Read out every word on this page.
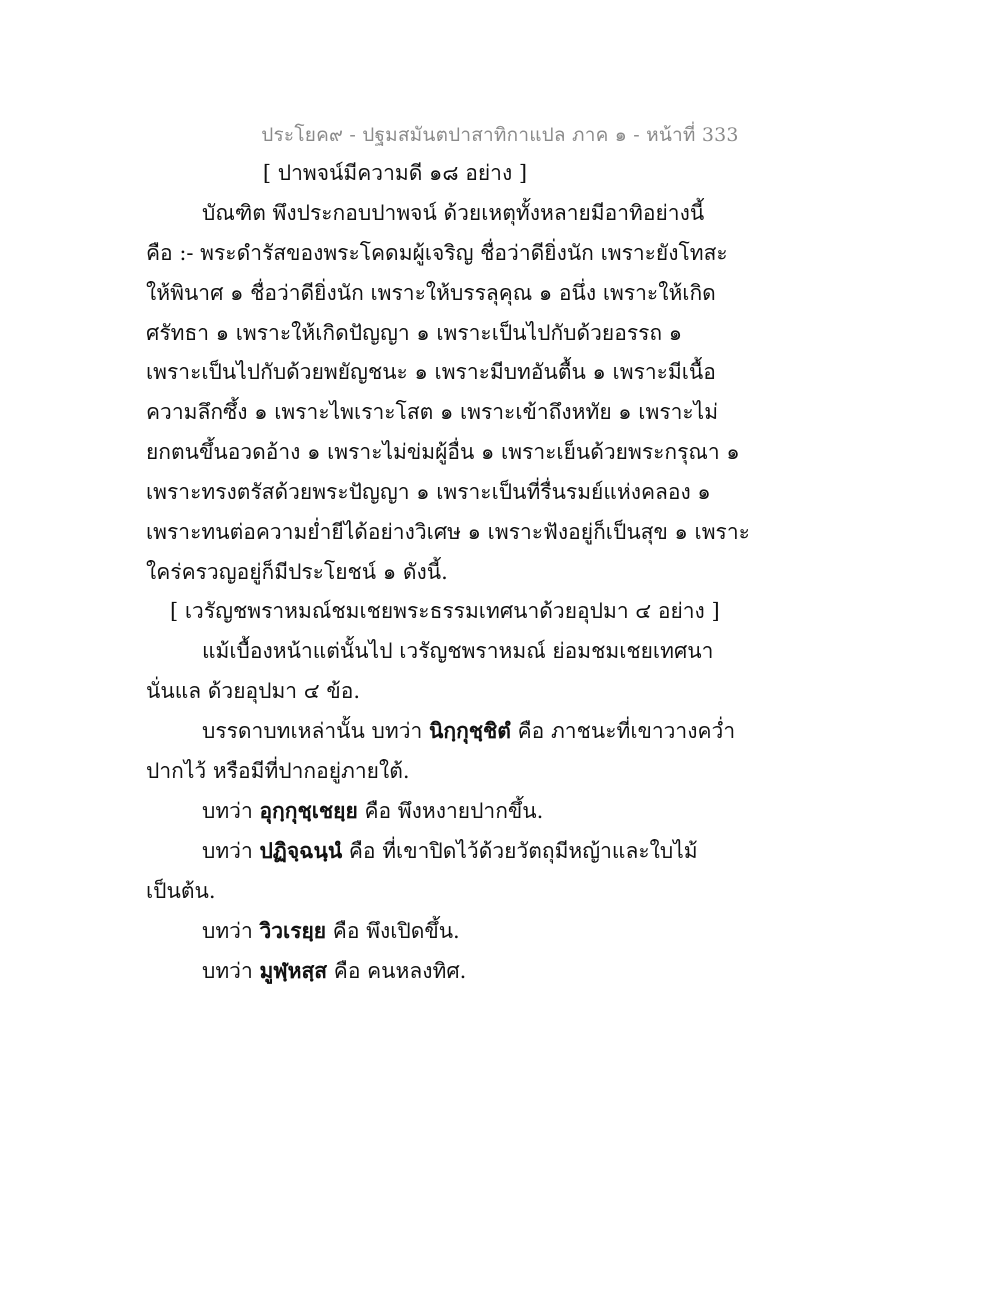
ประโยค๙ - ปฐมสมันตปาสาทิกาแปล ภาค ๑ - หน้าที่ 333
[ ปาพจน์มีความดี ๑๘ อย่าง ]
บัณฑิต พึงประกอบปาพจน์ ด้วยเหตุทั้งหลายมีอาทิอย่างนี้
คือ :- พระดำรัสของพระโคดมผู้เจริญ ชื่อว่าดียิ่งนัก เพราะยังโทสะ
ให้พินาศ ๑ ชื่อว่าดียิ่งนัก เพราะให้บรรลุคุณ ๑ อนึ่ง เพราะให้เกิด
ศรัทธา ๑ เพราะให้เกิดปัญญา ๑ เพราะเป็นไปกับด้วยอรรถ ๑
เพราะเป็นไปกับด้วยพยัญชนะ ๑ เพราะมีบทอันตื้น ๑ เพราะมีเนื้อ
ความลึกซึ้ง ๑ เพราะไพเราะโสต ๑ เพราะเข้าถึงหทัย ๑ เพราะไม่
ยกตนขึ้นอวดอ้าง ๑ เพราะไม่ข่มผู้อื่น ๑ เพราะเย็นด้วยพระกรุณา ๑
เพราะทรงตรัสด้วยพระปัญญา ๑ เพราะเป็นที่รื่นรมย์แห่งคลอง ๑
เพราะทนต่อความย่ำยีได้อย่างวิเศษ ๑ เพราะฟังอยู่ก็เป็นสุข ๑ เพราะ
ใคร่ครวญอยู่ก็มีประโยชน์ ๑ ดังนี้.
[ เวรัญชพราหมณ์ชมเชยพระธรรมเทศนาด้วยอุปมา ๔ อย่าง ]
แม้เบื้องหน้าแต่นั้นไป เวรัญชพราหมณ์ ย่อมชมเชยเทศนา
นั่นแล ด้วยอุปมา ๔ ข้อ.
บรรดาบทเหล่านั้น บทว่า นิกฺกุชฺชิตํ คือ ภาชนะที่เขาวางคว่ำ
ปากไว้ หรือมีที่ปากอยู่ภายใต้.
บทว่า อุกฺกุชฺเชยฺย คือ พึงหงายปากขึ้น.
บทว่า ปฏิจฺฉนฺนํ คือ ที่เขาปิดไว้ด้วยวัตถุมีหญ้าและใบไม้
เป็นต้น.
บทว่า วิวเรยฺย คือ พึงเปิดขึ้น.
บทว่า มูฬฺหสฺส คือ คนหลงทิศ.
